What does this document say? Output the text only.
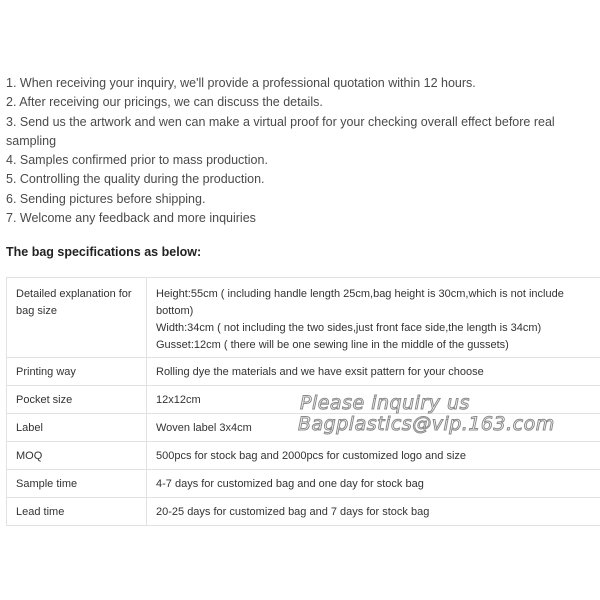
1. When receiving your inquiry, we'll provide a professional quotation within 12 hours.
2. After receiving our pricings, we can discuss the details.
3. Send us the artwork and wen can make a virtual proof for your checking overall effect before real sampling
4. Samples confirmed prior to mass production.
5. Controlling the quality during the production.
6. Sending pictures before shipping.
7. Welcome any feedback and more inquiries
The bag specifications as below:
Detailed explanation for bag size	Height:55cm ( including handle length 25cm,bag height is 30cm,which is not include bottom)
Width:34cm ( not including the two sides,just front face side,the length is 34cm)
Gusset:12cm ( there will be one sewing line in the middle of the gussets)

Printing way	Rolling dye the materials and we have exsit pattern for your choose
Pocket size	12x12cm
Label	Woven label 3x4cm
MOQ	500pcs for stock bag and 2000pcs for customized logo and size
Sample time	4-7 days for customized bag and one day for stock bag
Lead time	20-25 days for customized bag and 7 days for stock bag
Please inquiry us
Bagplastics@vip.163.com
